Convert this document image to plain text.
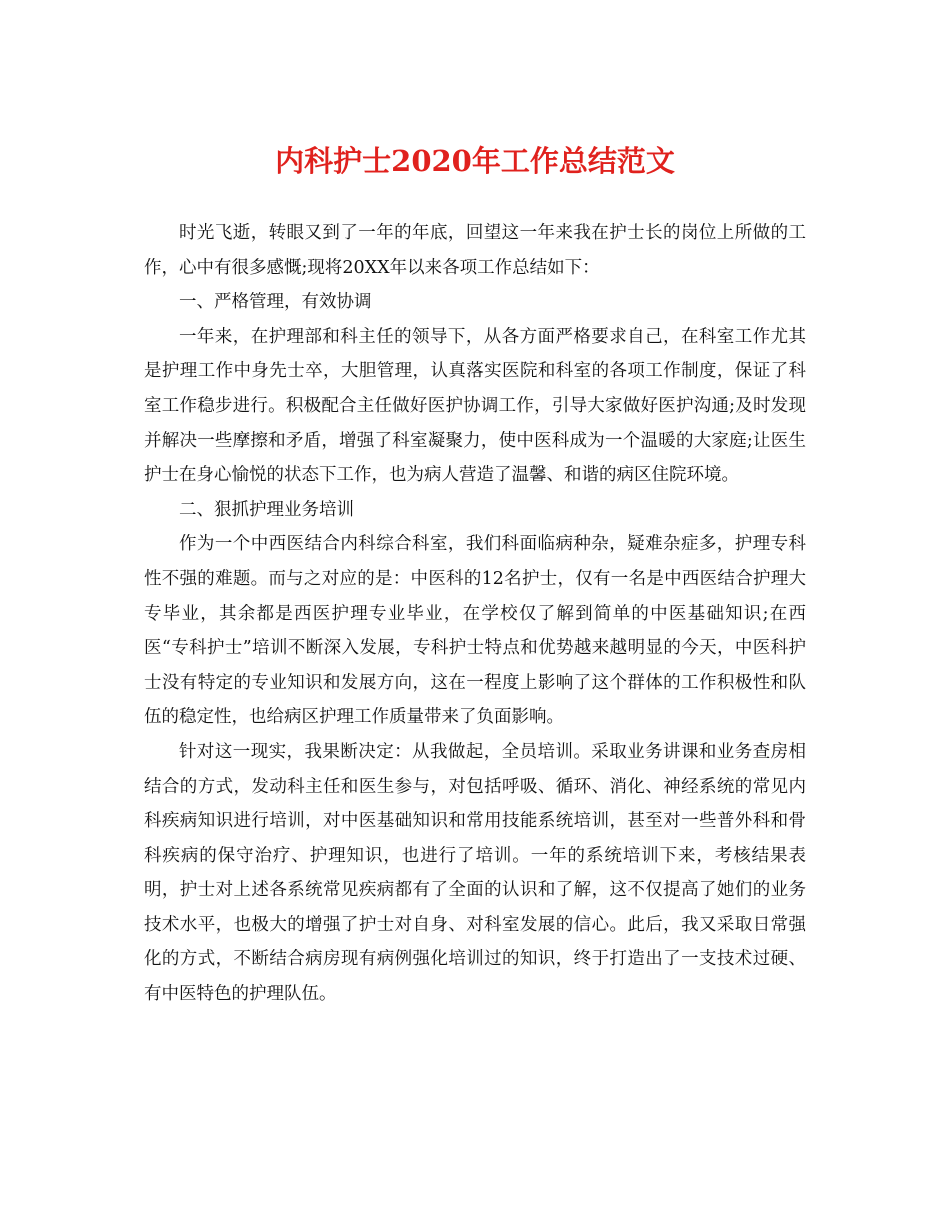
内科护士2020年工作总结范文

时光飞逝，转眼又到了一年的年底，回望这一年来我在护士长的岗位上所做的工作，心中有很多感慨;现将20XX年以来各项工作总结如下：

一、严格管理，有效协调

一年来，在护理部和科主任的领导下，从各方面严格要求自己，在科室工作尤其是护理工作中身先士卒，大胆管理，认真落实医院和科室的各项工作制度，保证了科室工作稳步进行。积极配合主任做好医护协调工作，引导大家做好医护沟通;及时发现并解决一些摩擦和矛盾，增强了科室凝聚力，使中医科成为一个温暖的大家庭;让医生护士在身心愉悦的状态下工作，也为病人营造了温馨、和谐的病区住院环境。

二、狠抓护理业务培训

作为一个中西医结合内科综合科室，我们科面临病种杂，疑难杂症多，护理专科性不强的难题。而与之对应的是：中医科的12名护士，仅有一名是中西医结合护理大专毕业，其余都是西医护理专业毕业，在学校仅了解到简单的中医基础知识;在西医“专科护士”培训不断深入发展，专科护士特点和优势越来越明显的今天，中医科护士没有特定的专业知识和发展方向，这在一程度上影响了这个群体的工作积极性和队伍的稳定性，也给病区护理工作质量带来了负面影响。

针对这一现实，我果断决定：从我做起，全员培训。采取业务讲课和业务查房相结合的方式，发动科主任和医生参与，对包括呼吸、循环、消化、神经系统的常见内科疾病知识进行培训，对中医基础知识和常用技能系统培训，甚至对一些普外科和骨科疾病的保守治疗、护理知识，也进行了培训。一年的系统培训下来，考核结果表明，护士对上述各系统常见疾病都有了全面的认识和了解，这不仅提高了她们的业务技术水平，也极大的增强了护士对自身、对科室发展的信心。此后，我又采取日常强化的方式，不断结合病房现有病例强化培训过的知识，终于打造出了一支技术过硬、有中医特色的护理队伍。
